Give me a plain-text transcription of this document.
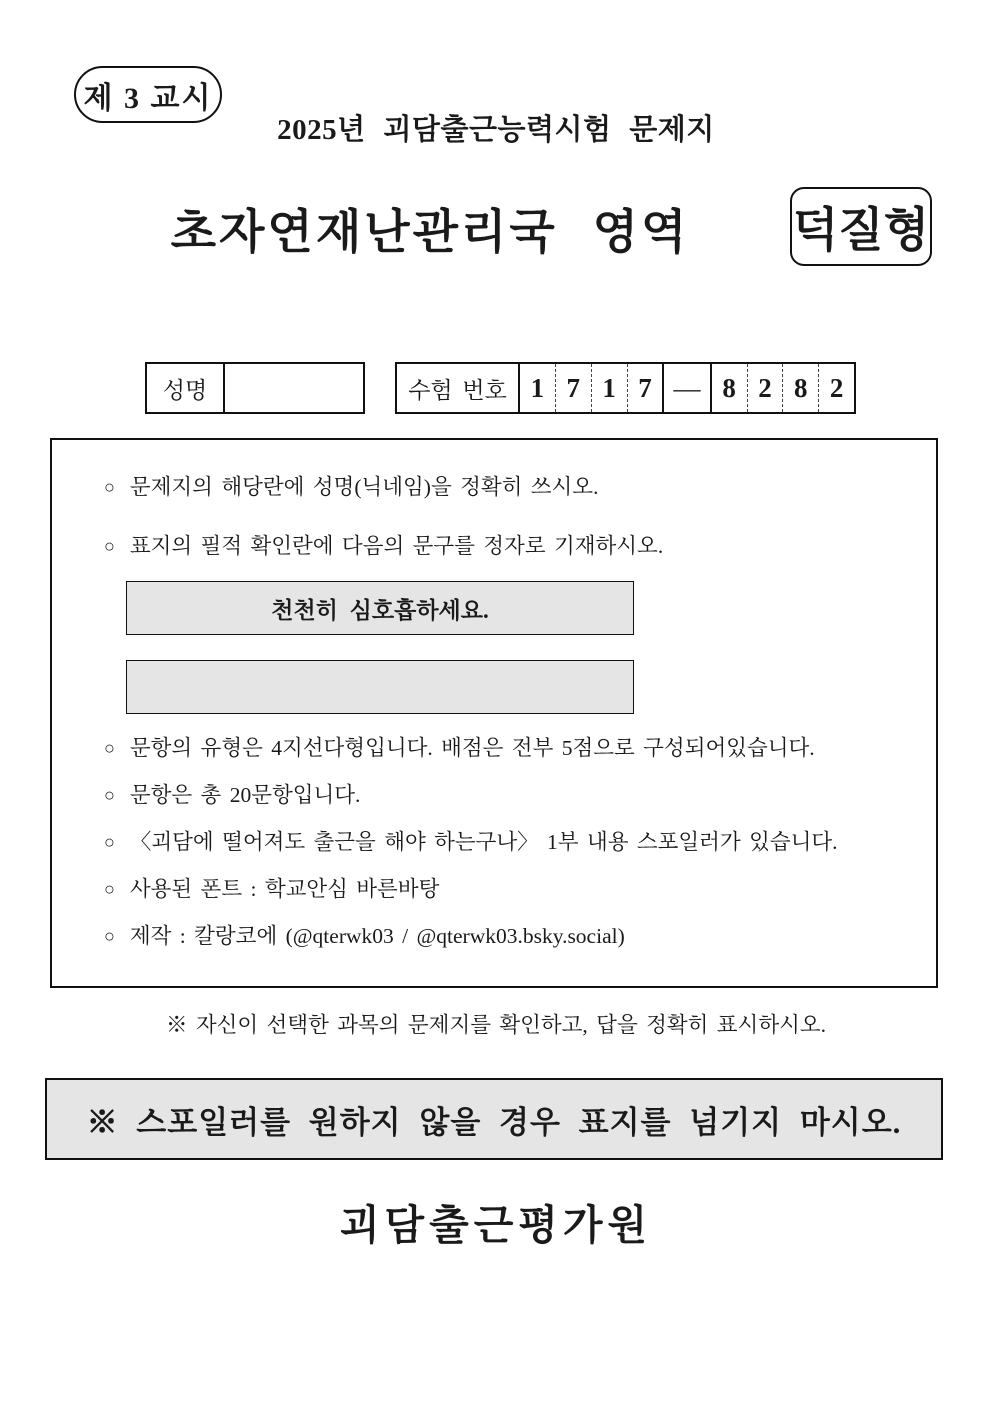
제 3 교시
2025년 괴담출근능력시험 문제지
초자연재난관리국 영역	덕질형
성명	수험 번호 1 7 1 7 — 8 2 8 2
○ 문제지의 해당란에 성명(닉네임)을 정확히 쓰시오.
○ 표지의 필적 확인란에 다음의 문구를 정자로 기재하시오.
천천히 심호흡하세요.
○ 문항의 유형은 4지선다형입니다. 배점은 전부 5점으로 구성되어있습니다.
○ 문항은 총 20문항입니다.
○ 〈괴담에 떨어져도 출근을 해야 하는구나〉 1부 내용 스포일러가 있습니다.
○ 사용된 폰트 : 학교안심 바른바탕
○ 제작 : 칼랑코에 (@qterwk03 / @qterwk03.bsky.social)
※ 자신이 선택한 과목의 문제지를 확인하고, 답을 정확히 표시하시오.
※ 스포일러를 원하지 않을 경우 표지를 넘기지 마시오.
괴담출근평가원
